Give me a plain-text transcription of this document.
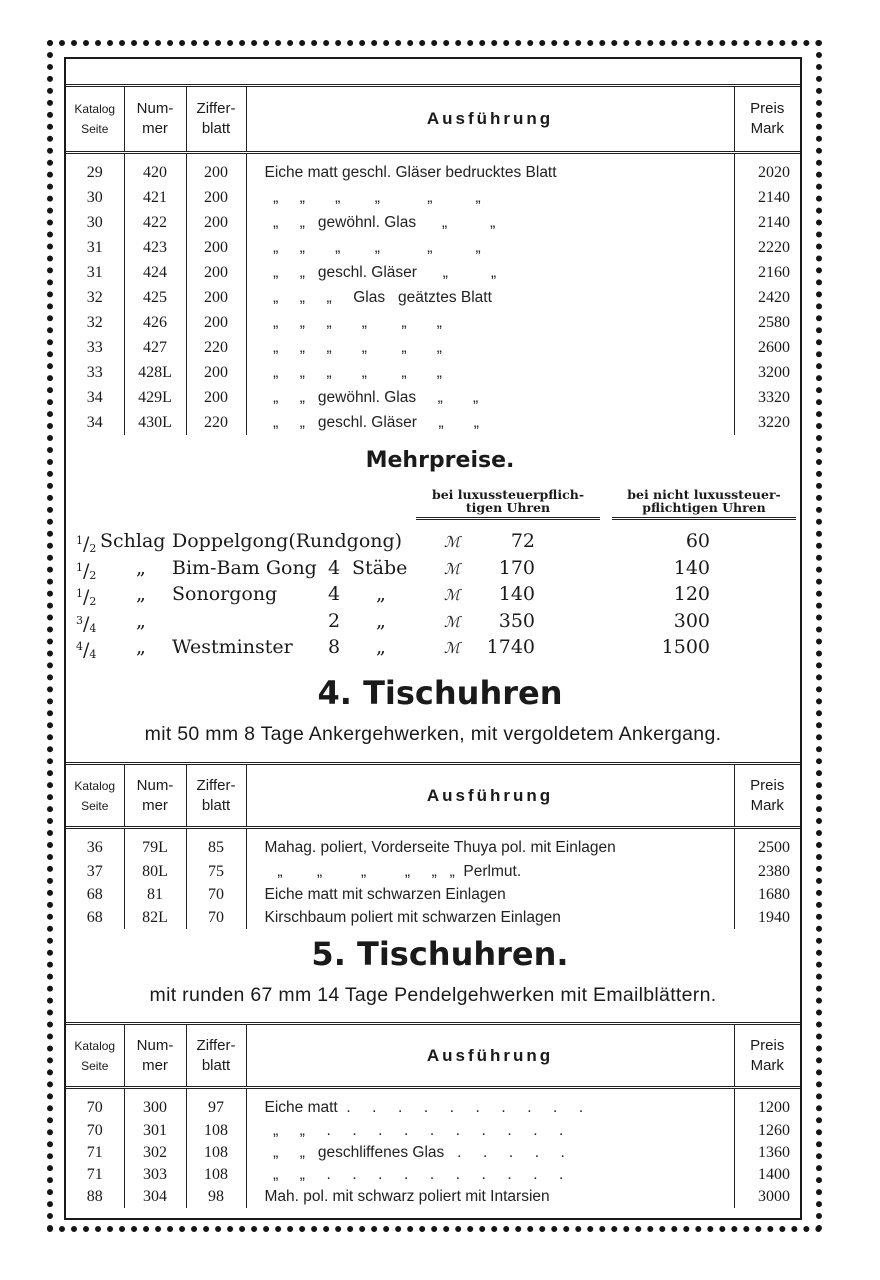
Katalog
Seite	Num-
mer	Ziffer-
blatt	Ausführung	Preis
Mark
29	420	200	Eiche matt geschl. Gläser bedrucktes Blatt	2020
30	421	200	„     „       „        „           „          „	2140
30	422	200	„     „   gewöhnl. Glas      „          „	2140
31	423	200	„     „       „        „           „          „	2220
31	424	200	„     „   geschl. Gläser      „          „	2160
32	425	200	„     „     „     Glas   geätztes Blatt	2420
32	426	200	„     „     „       „        „       „	2580
33	427	220	„     „     „       „        „       „	2600
33	428L	200	„     „     „       „        „       „	3200
34	429L	200	„     „   gewöhnl. Glas     „       „	3320
34	430L	220	„     „   geschl. Gläser     „       „	3220
Mehrpreise.
bei luxussteuerpflich-
tigen Uhren
bei nicht luxussteuer-
pflichtigen Uhren
$^1/_2$ Schlag Doppelgong(Rundgong)	ℳ	72	60
$^1/_2$ „ Bim-Bam Gong 4 Stäbe ℳ	170	140
$^1/_2$ „ Sonorgong	4 „	ℳ	140	120
$^3/_4$ „	2 „	ℳ	350	300
$^4/_4$ „ Westminster 8 „	ℳ	1740	1500
4. Tischuhren
mit 50 mm 8 Tage Ankergehwerken, mit vergoldetem Ankergang.
Katalog
Seite	Num-
mer	Ziffer-
blatt	Ausführung	Preis
Mark
36	79L	85	Mahag. poliert, Vorderseite Thuya pol. mit Einlagen	2500
37	80L	75	„        „         „         „     „   „  Perlmut.	2380
68	81	70	Eiche matt mit schwarzen Einlagen	1680
68	82L	70	Kirschbaum poliert mit schwarzen Einlagen	1940
5. Tischuhren.
mit runden 67 mm 14 Tage Pendelgehwerken mit Emailblättern.
Katalog
Seite	Num-
mer	Ziffer-
blatt	Ausführung	Preis
Mark
70	300	97	Eiche matt  .     .     .     .     .     .     .     .     .     .	1200
70	301	108	„     „     .     .     .     .     .     .     .     .     .     .	1260
71	302	108	„     „   geschliffenes Glas   .     .     .     .     .	1360
71	303	108	„     „     .     .     .     .     .     .     .     .     .     .	1400
88	304	98	Mah. pol. mit schwarz poliert mit Intarsien	3000
